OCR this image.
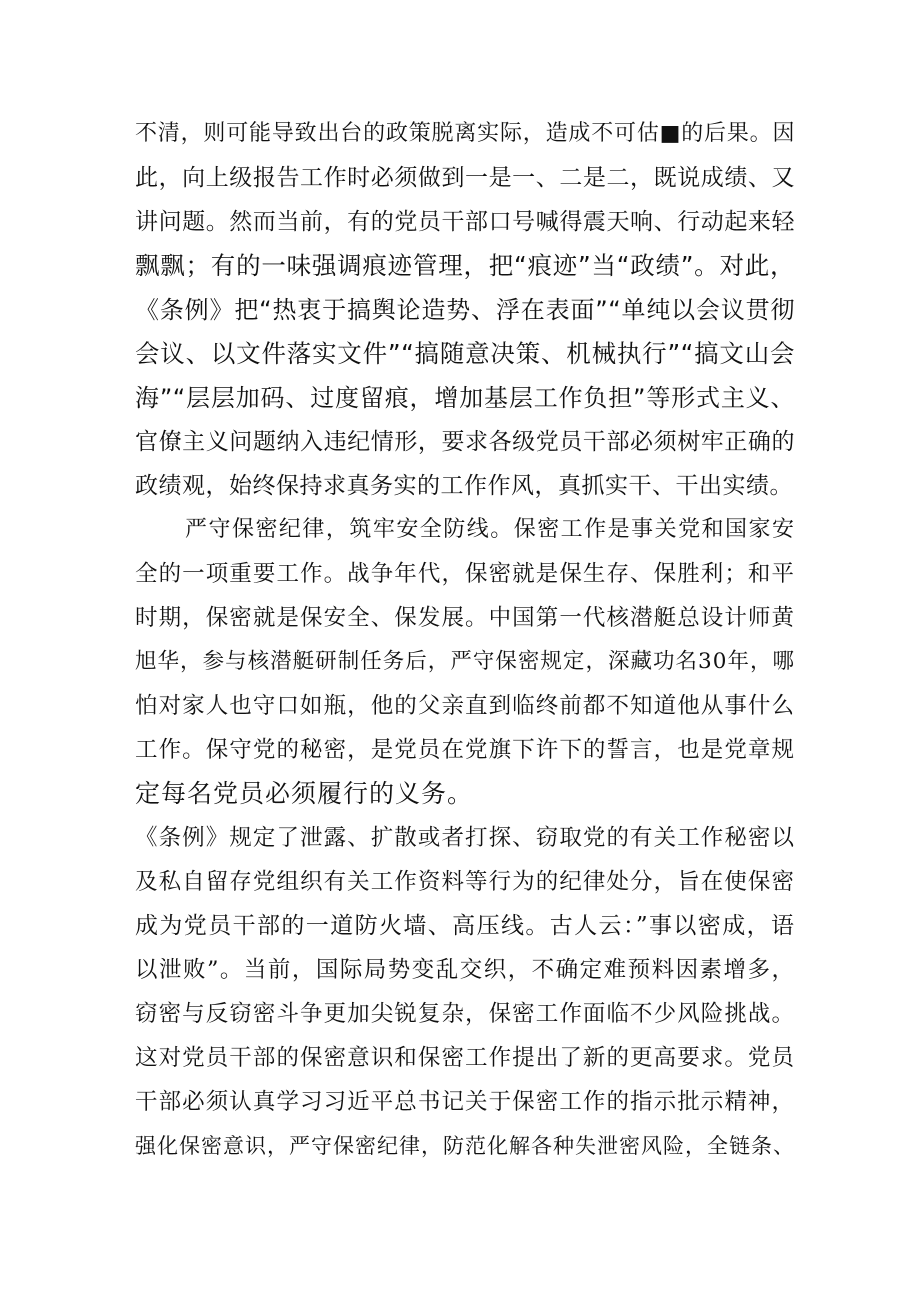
不清，则可能导致出台的政策脱离实际，造成不可估■的后果。因

此，向上级报告工作时必须做到一是一、二是二，既说成绩、又

讲问题。然而当前，有的党员干部口号喊得震天响、行动起来轻

飘飘；有的一味强调痕迹管理，把“痕迹”当“政绩”。对此，

《条例》把“热衷于搞舆论造势、浮在表面”“单纯以会议贯彻

会议、以文件落实文件”“搞随意决策、机械执行”“搞文山会

海”“层层加码、过度留痕，增加基层工作负担”等形式主义、

官僚主义问题纳入违纪情形，要求各级党员干部必须树牢正确的

政绩观，始终保持求真务实的工作作风，真抓实干、干出实绩。

严守保密纪律，筑牢安全防线。保密工作是事关党和国家安

全的一项重要工作。战争年代，保密就是保生存、保胜利；和平

时期，保密就是保安全、保发展。中国第一代核潜艇总设计师黄

旭华，参与核潜艇研制任务后，严守保密规定，深藏功名30年，哪

怕对家人也守口如瓶，他的父亲直到临终前都不知道他从事什么

工作。保守党的秘密，是党员在党旗下许下的誓言，也是党章规

定每名党员必须履行的义务。

《条例》规定了泄露、扩散或者打探、窃取党的有关工作秘密以

及私自留存党组织有关工作资料等行为的纪律处分，旨在使保密

成为党员干部的一道防火墙、高压线。古人云：”事以密成，语

以泄败”。当前，国际局势变乱交织，不确定难预料因素增多，

窃密与反窃密斗争更加尖锐复杂，保密工作面临不少风险挑战。

这对党员干部的保密意识和保密工作提出了新的更高要求。党员

干部必须认真学习习近平总书记关于保密工作的指示批示精神，

强化保密意识，严守保密纪律，防范化解各种失泄密风险，全链条、
